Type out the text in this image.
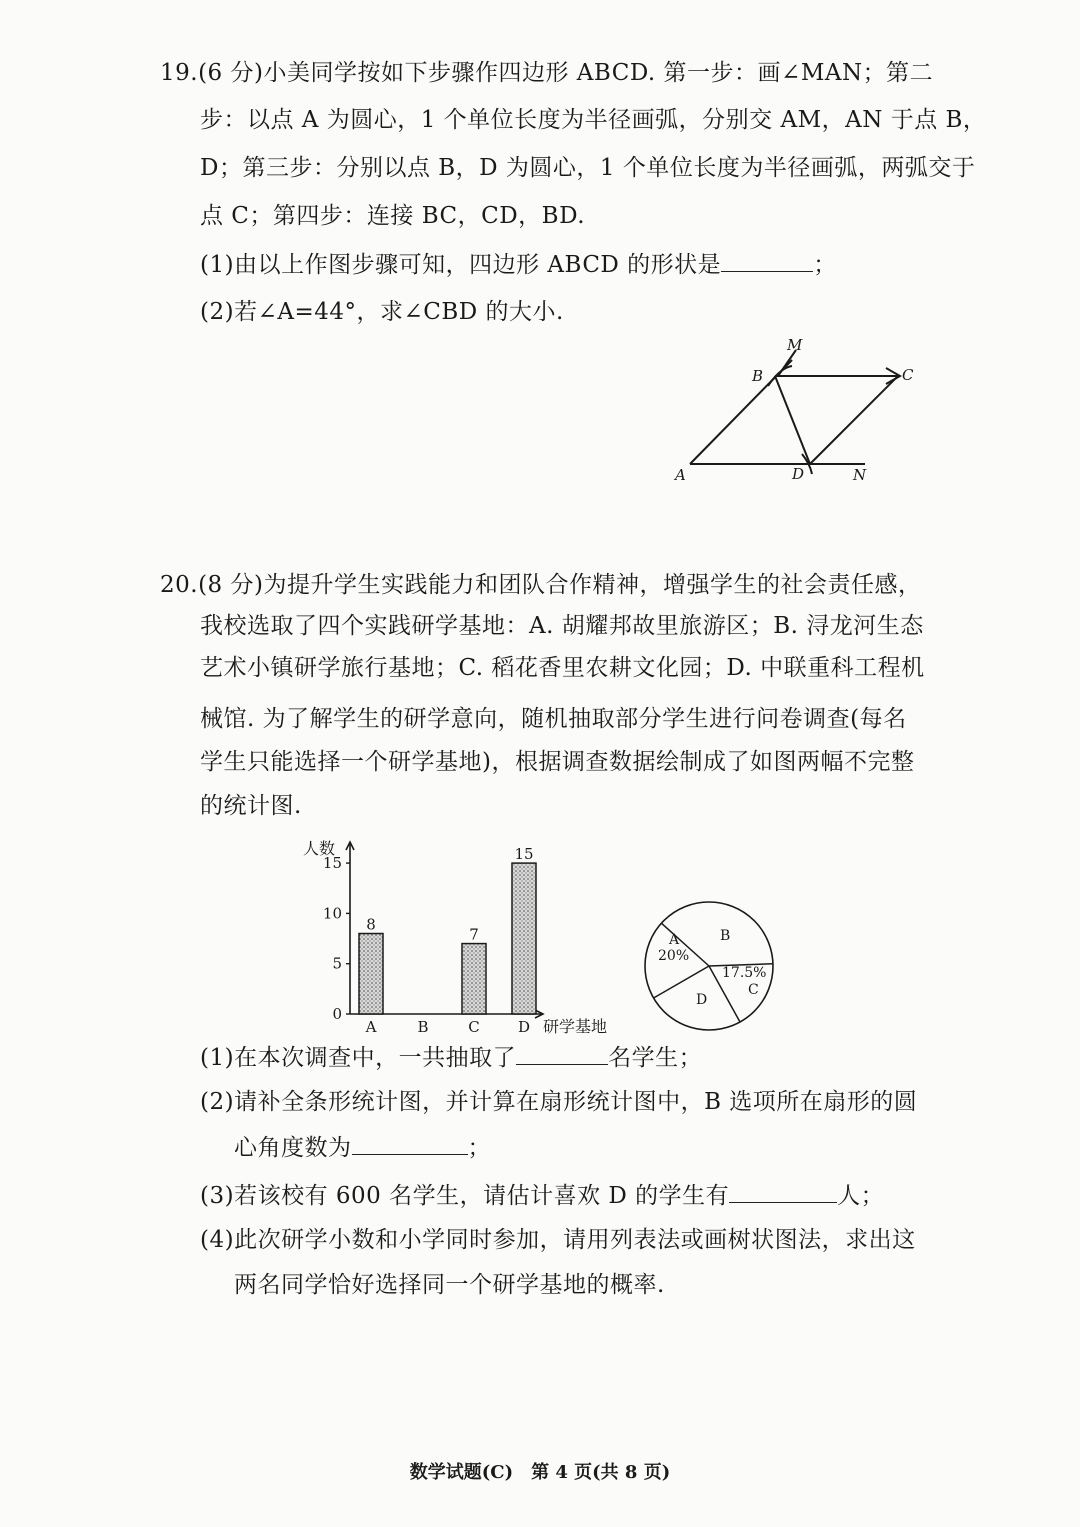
19.(6 分)小美同学按如下步骤作四边形 ABCD. 第一步：画∠MAN；第二
步：以点 A 为圆心，1 个单位长度为半径画弧，分别交 AM，AN 于点 B，
D；第三步：分别以点 B，D 为圆心，1 个单位长度为半径画弧，两弧交于
点 C；第四步：连接 BC，CD，BD.
(1)由以上作图步骤可知，四边形 ABCD 的形状是	；
(2)若∠A=44°，求∠CBD 的大小.
M
B	C
A	D	N
20.(8 分)为提升学生实践能力和团队合作精神，增强学生的社会责任感，
我校选取了四个实践研学基地：A. 胡耀邦故里旅游区；B. 浔龙河生态
艺术小镇研学旅行基地；C. 稻花香里农耕文化园；D. 中联重科工程机
械馆. 为了解学生的研学意向，随机抽取部分学生进行问卷调查(每名
学生只能选择一个研学基地)，根据调查数据绘制成了如图两幅不完整
的统计图.
人数
研学基地
0
5
10
15
A
8
B	C
7
D
15
A
20%
B
17.5%
C
D
(1)在本次调查中，一共抽取了	名学生；
(2)请补全条形统计图，并计算在扇形统计图中，B 选项所在扇形的圆
心角度数为	；
(3)若该校有 600 名学生，请估计喜欢 D 的学生有	人；
(4)此次研学小数和小学同时参加，请用列表法或画树状图法，求出这
两名同学恰好选择同一个研学基地的概率.
数学试题(C)　第 4 页(共 8 页)
